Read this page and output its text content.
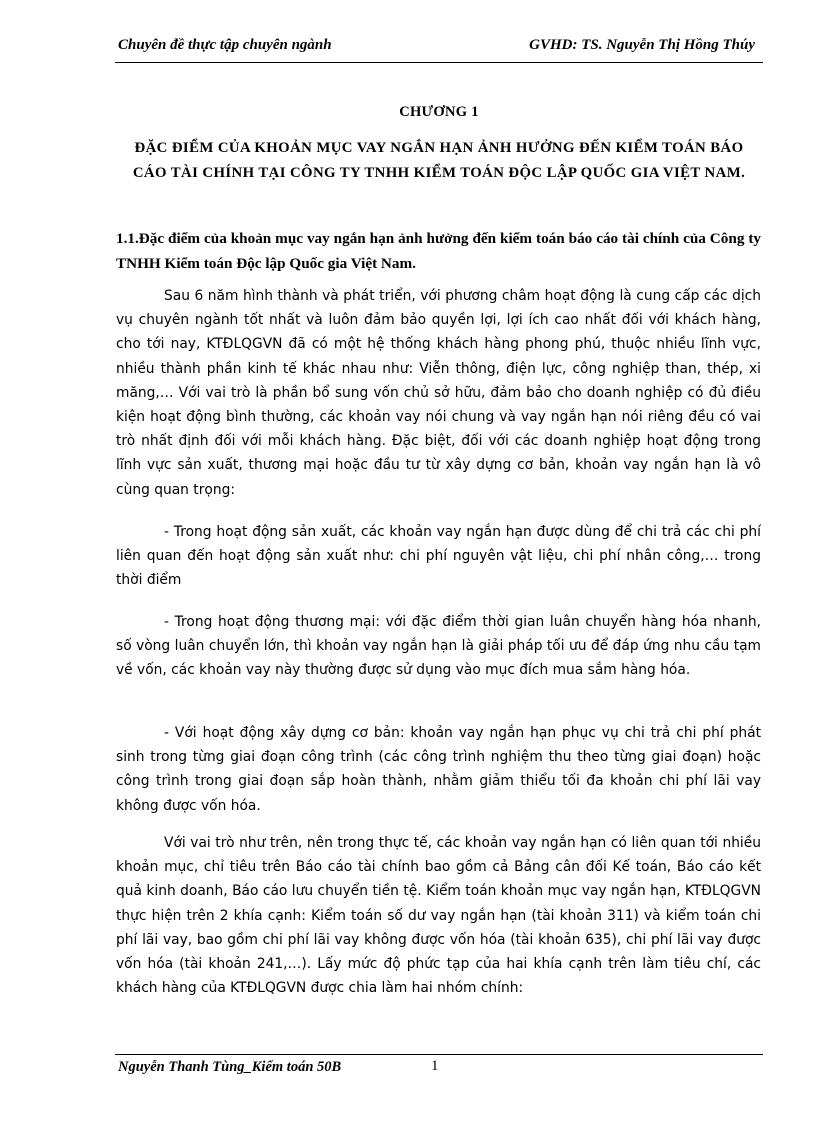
Chuyên đề thực tập chuyên ngành	GVHD: TS. Nguyễn Thị Hồng Thúy
CHƯƠNG 1
ĐẶC ĐIỂM CỦA KHOẢN MỤC VAY NGẮN HẠN ẢNH HƯỞNG ĐẾN KIỂM TOÁN BÁO CÁO TÀI CHÍNH TẠI CÔNG TY TNHH KIỂM TOÁN ĐỘC LẬP QUỐC GIA VIỆT NAM.
1.1.Đặc điểm của khoản mục vay ngắn hạn ảnh hưởng đến kiểm toán báo cáo tài chính của Công ty TNHH Kiểm toán Độc lập Quốc gia Việt Nam.
Sau 6 năm hình thành và phát triển, với phương châm hoạt động là cung cấp các dịch vụ chuyên ngành tốt nhất và luôn đảm bảo quyền lợi, lợi ích cao nhất đối với khách hàng, cho tới nay, KTĐLQGVN đã có một hệ thống khách hàng phong phú, thuộc nhiều lĩnh vực, nhiều thành phần kinh tế khác nhau như: Viễn thông, điện lực, công nghiệp than, thép, xi măng,… Với vai trò là phần bổ sung vốn chủ sở hữu, đảm bảo cho doanh nghiệp có đủ điều kiện hoạt động bình thường, các khoản vay nói chung và vay ngắn hạn nói riêng đều có vai trò nhất định đối với mỗi khách hàng. Đặc biệt, đối với các doanh nghiệp hoạt động trong lĩnh vực sản xuất, thương mại hoặc đầu tư từ xây dựng cơ bản, khoản vay ngắn hạn là vô cùng quan trọng:
- Trong hoạt động sản xuất, các khoản vay ngắn hạn được dùng để chi trả các chi phí liên quan đến hoạt động sản xuất như: chi phí nguyên vật liệu, chi phí nhân công,… trong thời điểm
- Trong hoạt động thương mại: với đặc điểm thời gian luân chuyển hàng hóa nhanh, số vòng luân chuyển lớn, thì khoản vay ngắn hạn là giải pháp tối ưu để đáp ứng nhu cầu tạm về vốn, các khoản vay này thường được sử dụng vào mục đích mua sắm hàng hóa.
- Với hoạt động xây dựng cơ bản: khoản vay ngắn hạn phục vụ chi trả chi phí phát sinh trong từng giai đoạn công trình (các công trình nghiệm thu theo từng giai đoạn) hoặc công trình trong giai đoạn sắp hoàn thành, nhằm giảm thiểu tối đa khoản chi phí lãi vay không được vốn hóa.
Với vai trò như trên, nên trong thực tế, các khoản vay ngắn hạn có liên quan tới nhiều khoản mục, chỉ tiêu trên Báo cáo tài chính bao gồm cả Bảng cân đối Kế toán, Báo cáo kết quả kinh doanh, Báo cáo lưu chuyển tiền tệ. Kiểm toán khoản mục vay ngắn hạn, KTĐLQGVN thực hiện trên 2 khía cạnh: Kiểm toán số dư vay ngắn hạn (tài khoản 311) và kiểm toán chi phí lãi vay, bao gồm chi phí lãi vay không được vốn hóa (tài khoản 635), chi phí lãi vay được vốn hóa (tài khoản 241,…). Lấy mức độ phức tạp của hai khía cạnh trên làm tiêu chí, các khách hàng của KTĐLQGVN được chia làm hai nhóm chính:
Nguyễn Thanh Tùng_Kiểm toán 50B	1
